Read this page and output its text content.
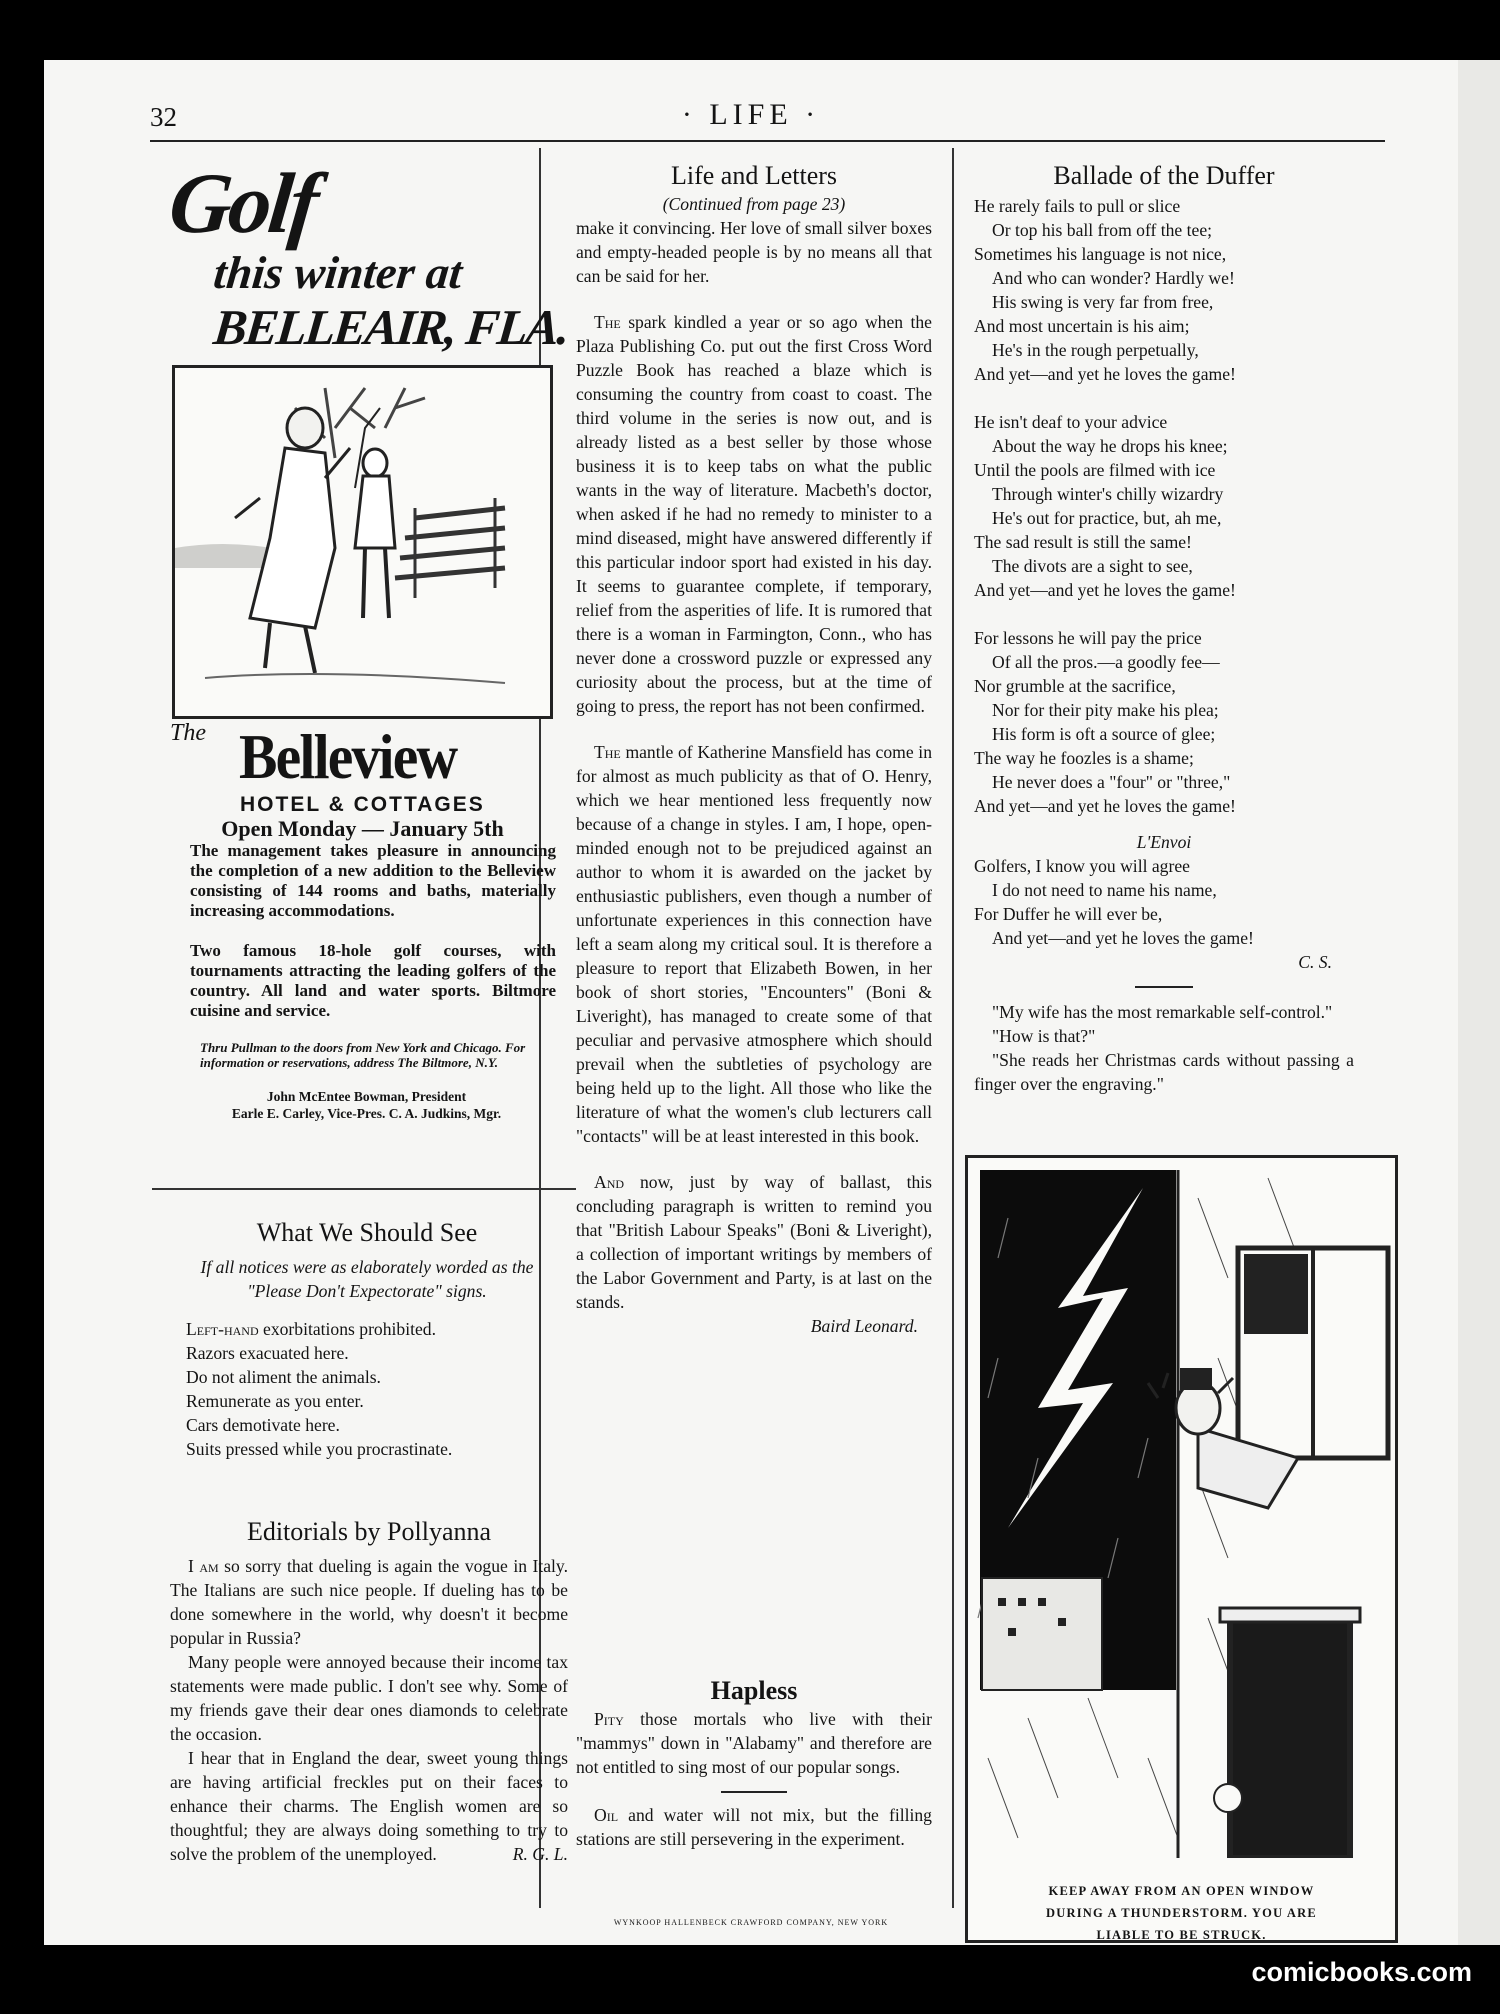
32	· LIFE ·
Golf
this winter at
BELLEAIR, FLA.
The Belleview
HOTEL & COTTAGES
Open Monday — January 5th
The management takes pleasure in announcing the completion of a new addition to the Belleview consisting of 144 rooms and baths, materially increasing accommodations.
Two famous 18-hole golf courses, with tournaments attracting the leading golfers of the country. All land and water sports. Biltmore cuisine and service.
Thru Pullman to the doors from New York and Chicago. For information or reservations, address The Biltmore, N.Y.
John McEntee Bowman, President
Earle E. Carley, Vice-Pres. C. A. Judkins, Mgr.
What We Should See
If all notices were as elaborately worded as the "Please Don't Expectorate" signs.
Left-hand exorbitations prohibited.
Razors exacuated here.
Do not aliment the animals.
Remunerate as you enter.
Cars demotivate here.
Suits pressed while you procrastinate.
Editorials by Pollyanna

I am so sorry that dueling is again the vogue in Italy. The Italians are such nice people. If dueling has to be done somewhere in the world, why doesn't it become popular in Russia?

Many people were annoyed because their income tax statements were made public. I don't see why. Some of my friends gave their dear ones diamonds to celebrate the occasion.

I hear that in England the dear, sweet young things are having artificial freckles put on their faces to enhance their charms. The English women are so thoughtful; they are always doing something to try to solve the problem of the unemployed.	R. G. L.

Life and Letters
(Continued from page 23)

make it convincing. Her love of small silver boxes and empty-headed people is by no means all that can be said for her.

The spark kindled a year or so ago when the Plaza Publishing Co. put out the first Cross Word Puzzle Book has reached a blaze which is consuming the country from coast to coast. The third volume in the series is now out, and is already listed as a best seller by those whose business it is to keep tabs on what the public wants in the way of literature. Macbeth's doctor, when asked if he had no remedy to minister to a mind diseased, might have answered differently if this particular indoor sport had existed in his day. It seems to guarantee complete, if temporary, relief from the asperities of life. It is rumored that there is a woman in Farmington, Conn., who has never done a crossword puzzle or expressed any curiosity about the process, but at the time of going to press, the report has not been confirmed.

The mantle of Katherine Mansfield has come in for almost as much publicity as that of O. Henry, which we hear mentioned less frequently now because of a change in styles. I am, I hope, open-minded enough not to be prejudiced against an author to whom it is awarded on the jacket by enthusiastic publishers, even though a number of unfortunate experiences in this connection have left a seam along my critical soul. It is therefore a pleasure to report that Elizabeth Bowen, in her book of short stories, "Encounters" (Boni & Liveright), has managed to create some of that peculiar and pervasive atmosphere which should prevail when the subtleties of psychology are being held up to the light. All those who like the literature of what the women's club lecturers call "contacts" will be at least interested in this book.

And now, just by way of ballast, this concluding paragraph is written to remind you that "British Labour Speaks" (Boni & Liveright), a collection of important writings by members of the Labor Government and Party, is at last on the stands.

Baird Leonard.
Hapless

Pity those mortals who live with their "mammys" down in "Alabamy" and therefore are not entitled to sing most of our popular songs.

Oil and water will not mix, but the filling stations are still persevering in the experiment.

Ballade of the Duffer
He rarely fails to pull or slice
Or top his ball from off the tee;
Sometimes his language is not nice,
And who can wonder? Hardly we!
His swing is very far from free,
And most uncertain is his aim;
He's in the rough perpetually,
And yet—and yet he loves the game!
He isn't deaf to your advice
About the way he drops his knee;
Until the pools are filmed with ice
Through winter's chilly wizardry
He's out for practice, but, ah me,
The sad result is still the same!
The divots are a sight to see,
And yet—and yet he loves the game!
For lessons he will pay the price
Of all the pros.—a goodly fee—
Nor grumble at the sacrifice,
Nor for their pity make his plea;
His form is oft a source of glee;
The way he foozles is a shame;
He never does a "four" or "three,"
And yet—and yet he loves the game!
L'Envoi
Golfers, I know you will agree
I do not need to name his name,
For Duffer he will ever be,
And yet—and yet he loves the game!
C. S.

"My wife has the most remarkable self-control."

"How is that?"

"She reads her Christmas cards without passing a finger over the engraving."

KEEP AWAY FROM AN OPEN WINDOW
DURING A THUNDERSTORM. YOU ARE
LIABLE TO BE STRUCK.
WYNKOOP HALLENBECK CRAWFORD COMPANY, NEW YORK
comicbooks.com
